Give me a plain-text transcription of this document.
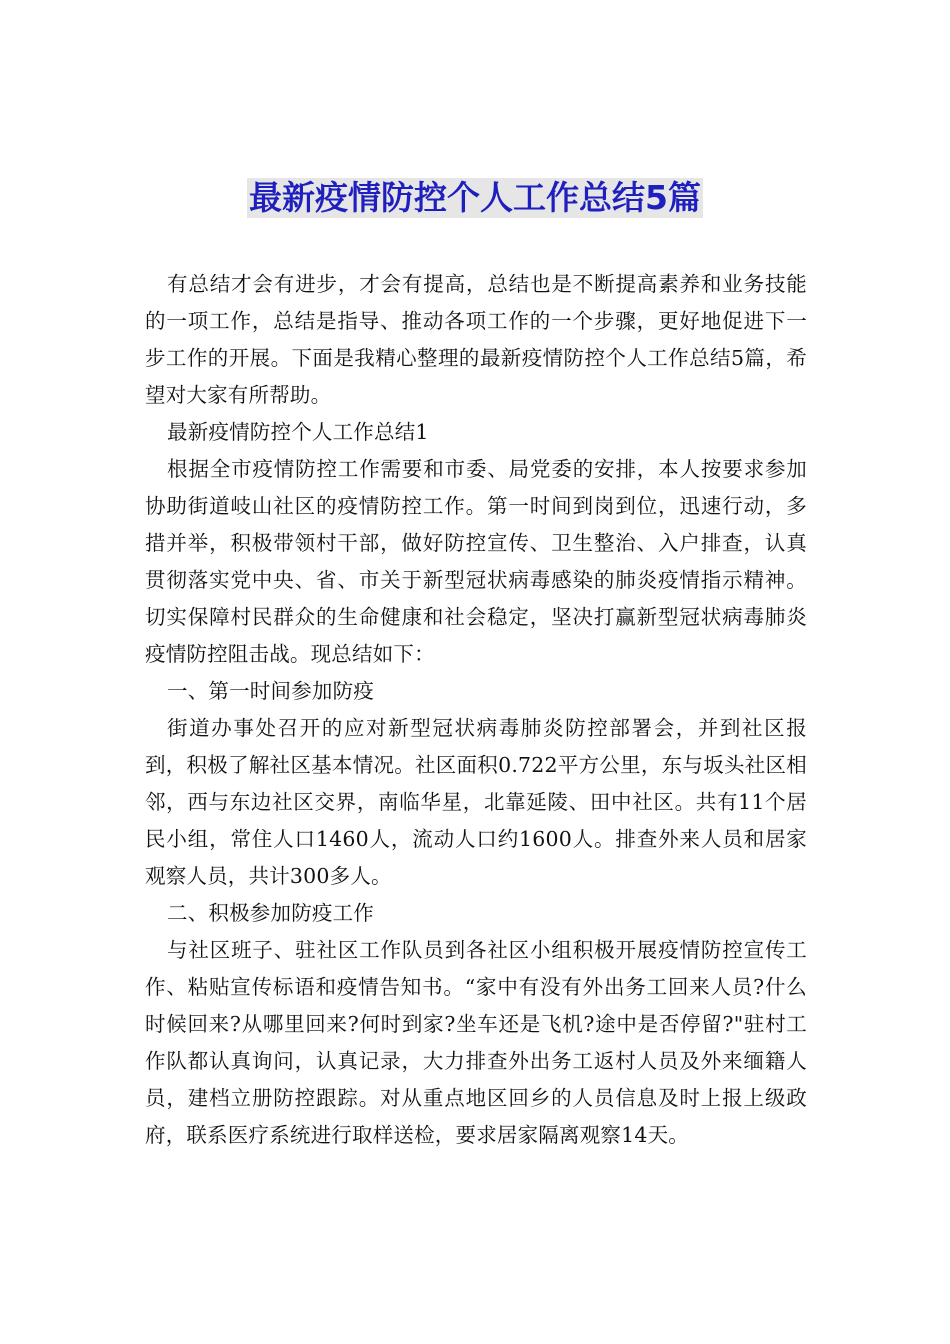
最新疫情防控个人工作总结5篇

有总结才会有进步，才会有提高，总结也是不断提高素养和业务技能的一项工作，总结是指导、推动各项工作的一个步骤，更好地促进下一步工作的开展。下面是我精心整理的最新疫情防控个人工作总结5篇，希望对大家有所帮助。

最新疫情防控个人工作总结1

根据全市疫情防控工作需要和市委、局党委的安排，本人按要求参加协助街道岐山社区的疫情防控工作。第一时间到岗到位，迅速行动，多措并举，积极带领村干部，做好防控宣传、卫生整治、入户排查，认真贯彻落实党中央、省、市关于新型冠状病毒感染的肺炎疫情指示精神。切实保障村民群众的生命健康和社会稳定，坚决打赢新型冠状病毒肺炎疫情防控阻击战。现总结如下：

一、第一时间参加防疫

街道办事处召开的应对新型冠状病毒肺炎防控部署会，并到社区报到，积极了解社区基本情况。社区面积0.722平方公里，东与坂头社区相邻，西与东边社区交界，南临华星，北靠延陵、田中社区。共有11个居民小组，常住人口1460人，流动人口约1600人。排查外来人员和居家观察人员，共计300多人。

二、积极参加防疫工作

与社区班子、驻社区工作队员到各社区小组积极开展疫情防控宣传工作、粘贴宣传标语和疫情告知书。“家中有没有外出务工回来人员?什么时候回来?从哪里回来?何时到家?坐车还是飞机?途中是否停留?"驻村工作队都认真询问，认真记录，大力排查外出务工返村人员及外来缅籍人员，建档立册防控跟踪。对从重点地区回乡的人员信息及时上报上级政府，联系医疗系统进行取样送检，要求居家隔离观察14天。
